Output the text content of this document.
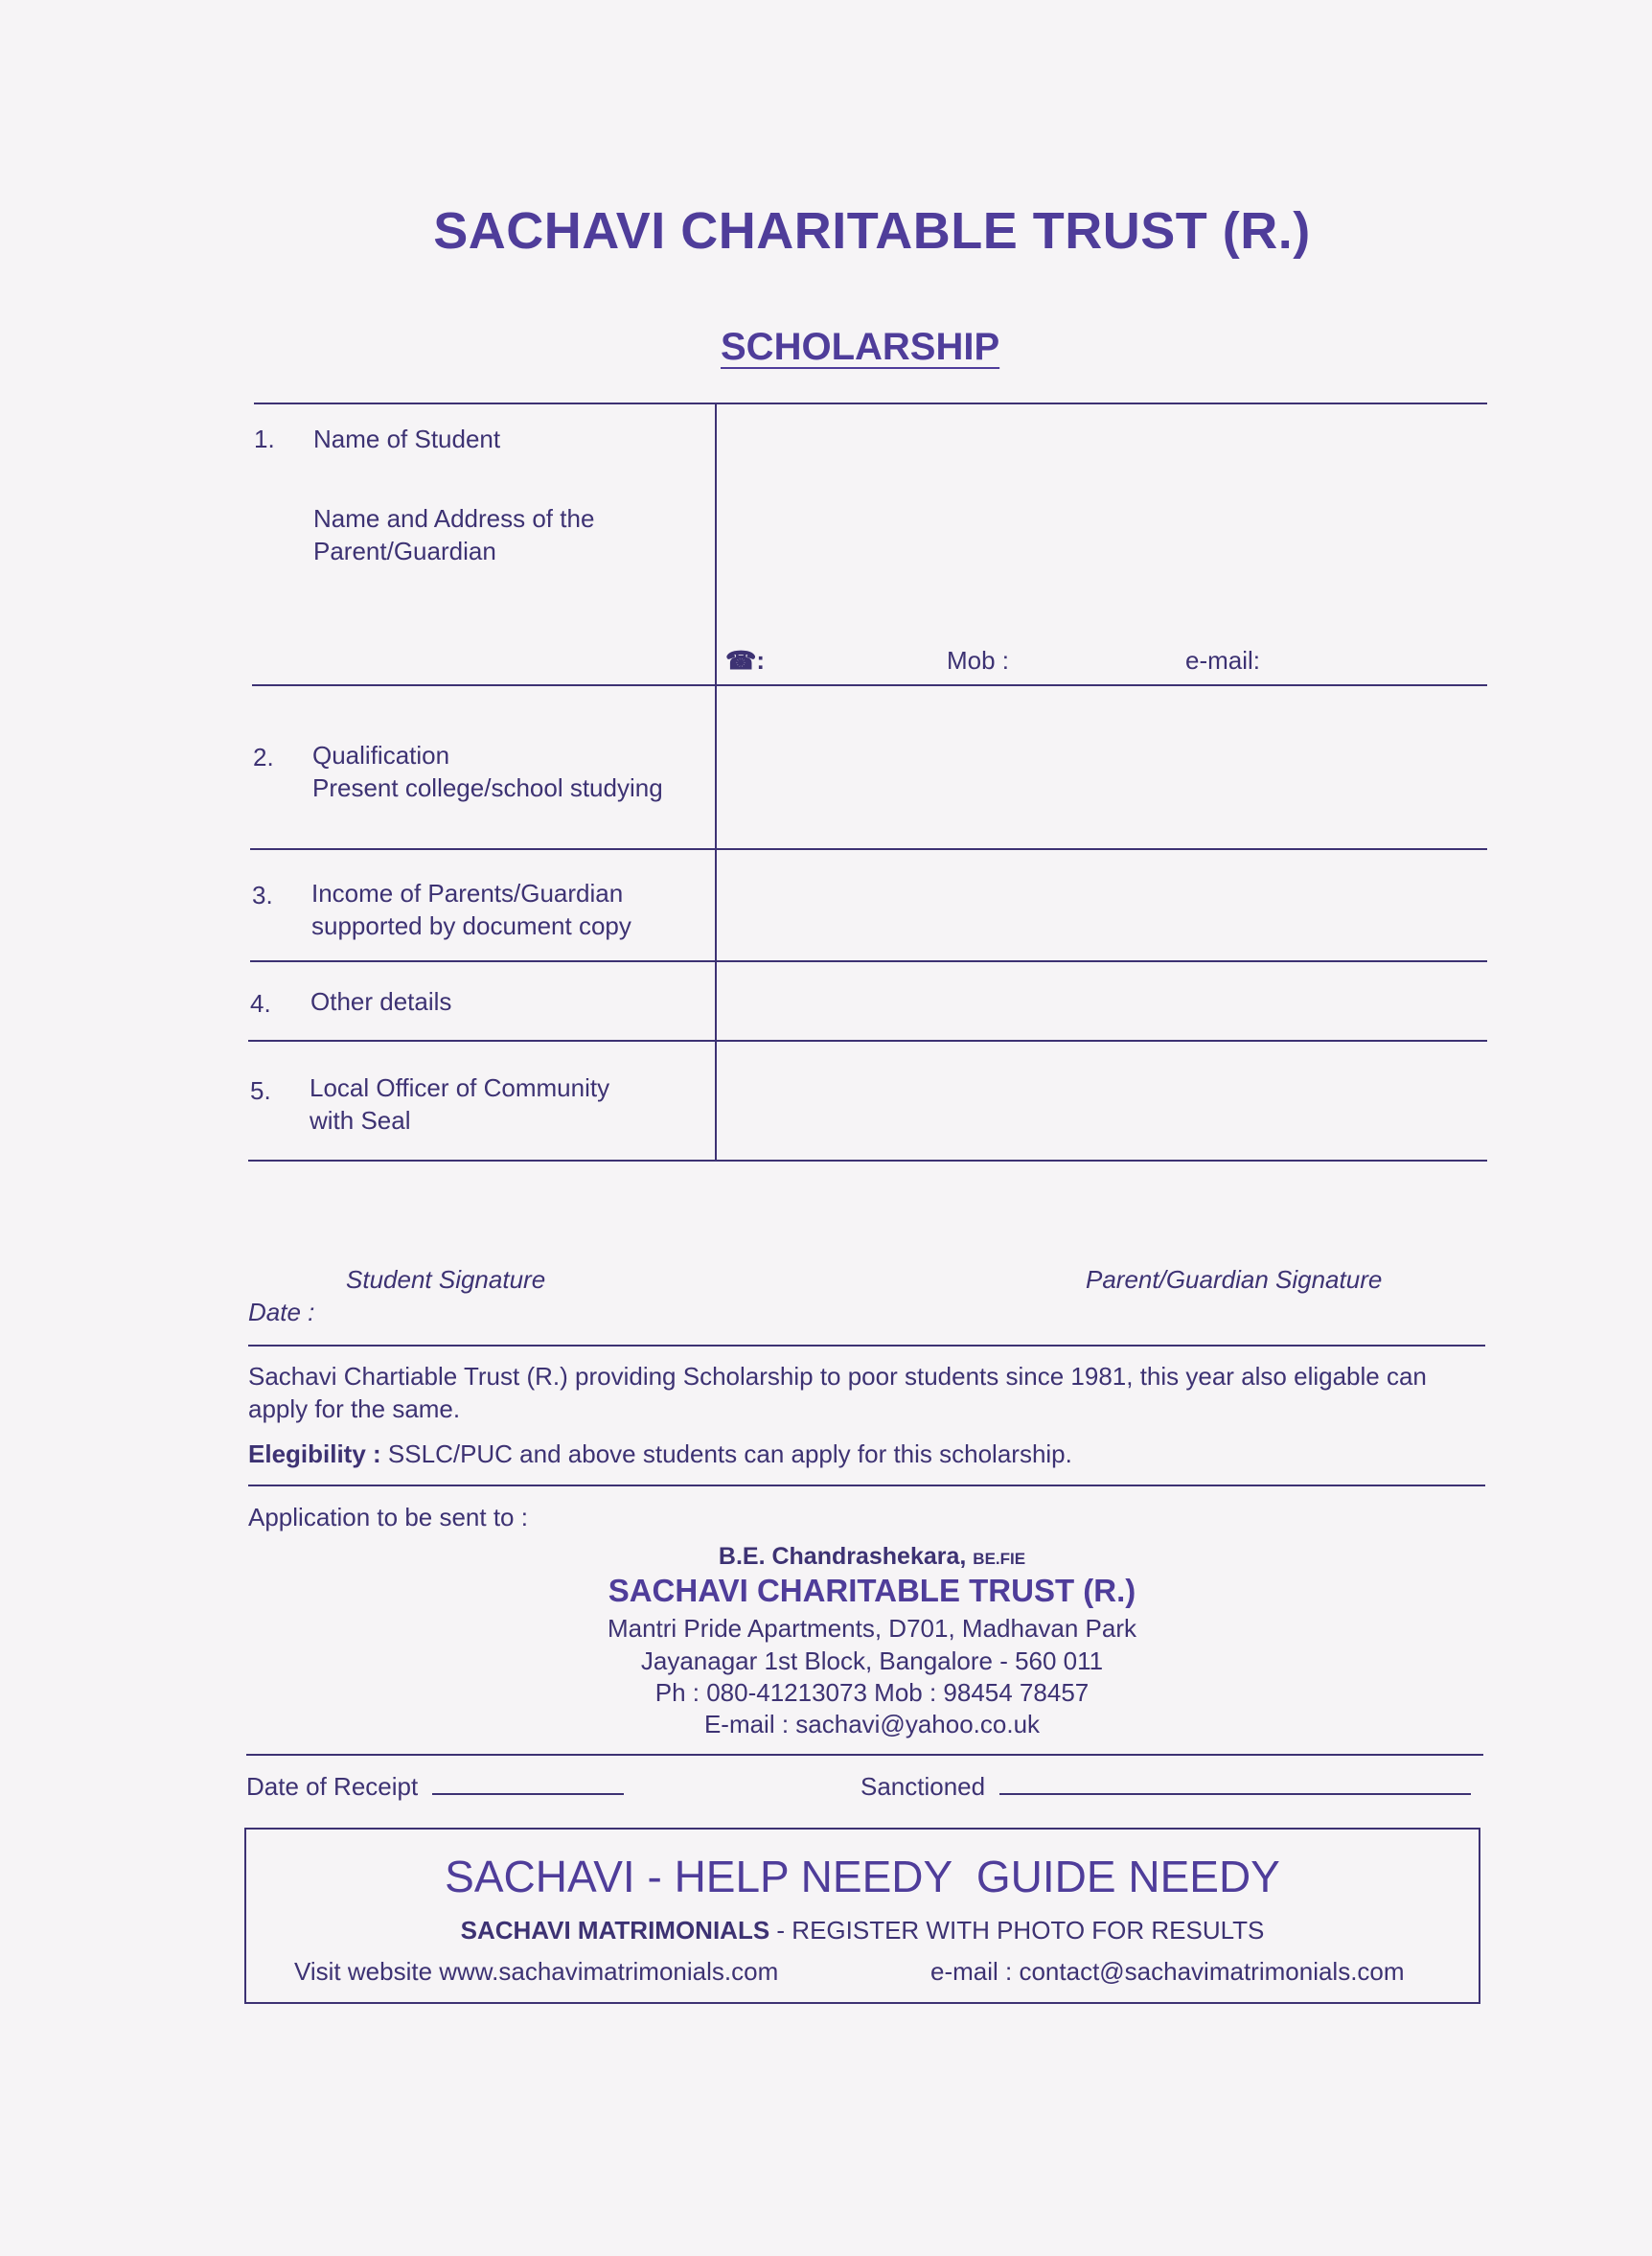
SACHAVI CHARITABLE TRUST (R.)
SCHOLARSHIP
1. Name of Student
Name and Address of the
Parent/Guardian
☎:	Mob :	e-mail:
2. Qualification
Present college/school studying
3. Income of Parents/Guardian
supported by document copy
4. Other details
5. Local Officer of Community
with Seal
Student Signature	Parent/Guardian Signature
Date :
Sachavi Chartiable Trust (R.) providing Scholarship to poor students since 1981, this year also eligable can
apply for the same.
Elegibility : SSLC/PUC and above students can apply for this scholarship.
Application to be sent to :
B.E. Chandrashekara, BE.FIE
SACHAVI CHARITABLE TRUST (R.)
Mantri Pride Apartments, D701, Madhavan Park
Jayanagar 1st Block, Bangalore - 560 011
Ph : 080-41213073 Mob : 98454 78457
E-mail : sachavi@yahoo.co.uk
Date of Receipt	Sanctioned
SACHAVI - HELP NEEDY  GUIDE NEEDY
SACHAVI MATRIMONIALS - REGISTER WITH PHOTO FOR RESULTS
Visit website www.sachavimatrimonials.com	e-mail : contact@sachavimatrimonials.com
